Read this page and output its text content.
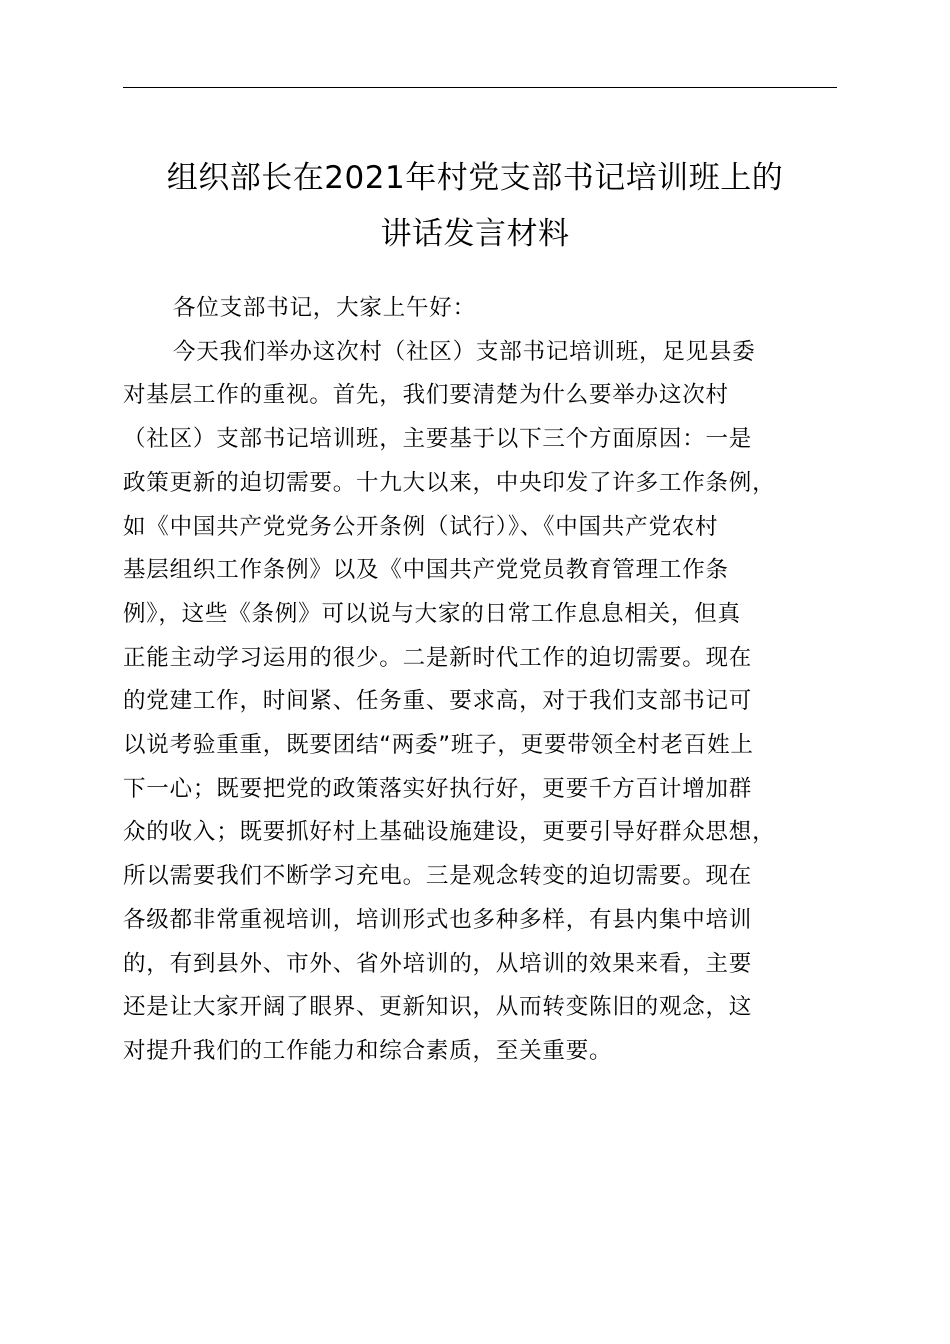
组织部长在2021年村党支部书记培训班上的
讲话发言材料
各位支部书记，大家上午好：
今天我们举办这次村（社区）支部书记培训班，足见县委
对基层工作的重视。首先，我们要清楚为什么要举办这次村
（社区）支部书记培训班，主要基于以下三个方面原因：一是
政策更新的迫切需要。十九大以来，中央印发了许多工作条例，
如《中国共产党党务公开条例（试行）》、《中国共产党农村
基层组织工作条例》以及《中国共产党党员教育管理工作条
例》，这些《条例》可以说与大家的日常工作息息相关，但真
正能主动学习运用的很少。二是新时代工作的迫切需要。现在
的党建工作，时间紧、任务重、要求高，对于我们支部书记可
以说考验重重，既要团结“两委”班子，更要带领全村老百姓上
下一心；既要把党的政策落实好执行好，更要千方百计增加群
众的收入；既要抓好村上基础设施建设，更要引导好群众思想，
所以需要我们不断学习充电。三是观念转变的迫切需要。现在
各级都非常重视培训，培训形式也多种多样，有县内集中培训
的，有到县外、市外、省外培训的，从培训的效果来看，主要
还是让大家开阔了眼界、更新知识，从而转变陈旧的观念，这
对提升我们的工作能力和综合素质，至关重要。
